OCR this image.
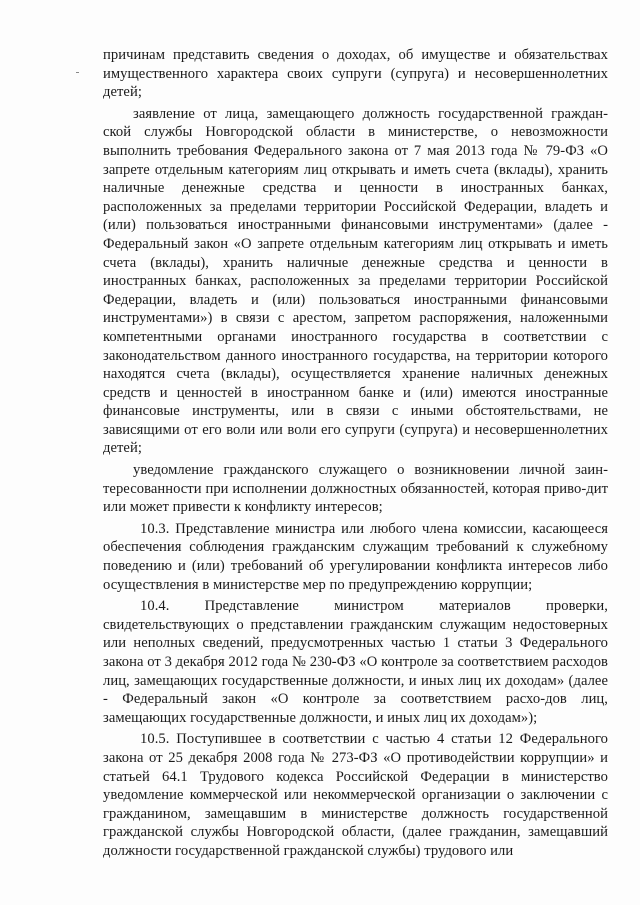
причинам представить сведения о доходах, об имуществе и обязательствах имущественного характера своих супруги (супруга) и несовершеннолетних детей;

заявление от лица, замещающего должность государственной граждан-ской службы Новгородской области в министерстве, о невозможности выполнить требования Федерального закона от 7 мая 2013 года № 79-ФЗ «О запрете отдельным категориям лиц открывать и иметь счета (вклады), хранить наличные денежные средства и ценности в иностранных банках, расположенных за пределами территории Российской Федерации, владеть и (или) пользоваться иностранными финансовыми инструментами» (далее - Федеральный закон «О запрете отдельным категориям лиц открывать и иметь счета (вклады), хранить наличные денежные средства и ценности в иностранных банках, расположенных за пределами территории Российской Федерации, владеть и (или) пользоваться иностранными финансовыми инструментами») в связи с арестом, запретом распоряжения, наложенными компетентными органами иностранного государства в соответствии с законодательством данного иностранного государства, на территории которого находятся счета (вклады), осуществляется хранение наличных денежных средств и ценностей в иностранном банке и (или) имеются иностранные финансовые инструменты, или в связи с иными обстоятельствами, не зависящими от его воли или воли его супруги (супруга) и несовершеннолетних детей;

уведомление гражданского служащего о возникновении личной заин-тересованности при исполнении должностных обязанностей, которая приво-дит или может привести к конфликту интересов;

10.3. Представление министра или любого члена комиссии, касающееся обеспечения соблюдения гражданским служащим требований к служебному поведению и (или) требований об урегулировании конфликта интересов либо осуществления в министерстве мер по предупреждению коррупции;

10.4. Представление министром материалов проверки, свидетельствующих о представлении гражданским служащим недостоверных или неполных сведений, предусмотренных частью 1 статьи 3 Федерального закона от 3 декабря 2012 года № 230-ФЗ «О контроле за соответствием расходов лиц, замещающих государственные должности, и иных лиц их доходам» (далее - Федеральный закон «О контроле за соответствием расхо-дов лиц, замещающих государственные должности, и иных лиц их доходам»);

10.5. Поступившее в соответствии с частью 4 статьи 12 Федерального закона от 25 декабря 2008 года № 273-ФЗ «О противодействии коррупции» и статьей 64.1 Трудового кодекса Российской Федерации в министерство уведомление коммерческой или некоммерческой организации о заключении с гражданином, замещавшим в министерстве должность государственной гражданской службы Новгородской области, (далее гражданин, замещавший должности государственной гражданской службы) трудового или
